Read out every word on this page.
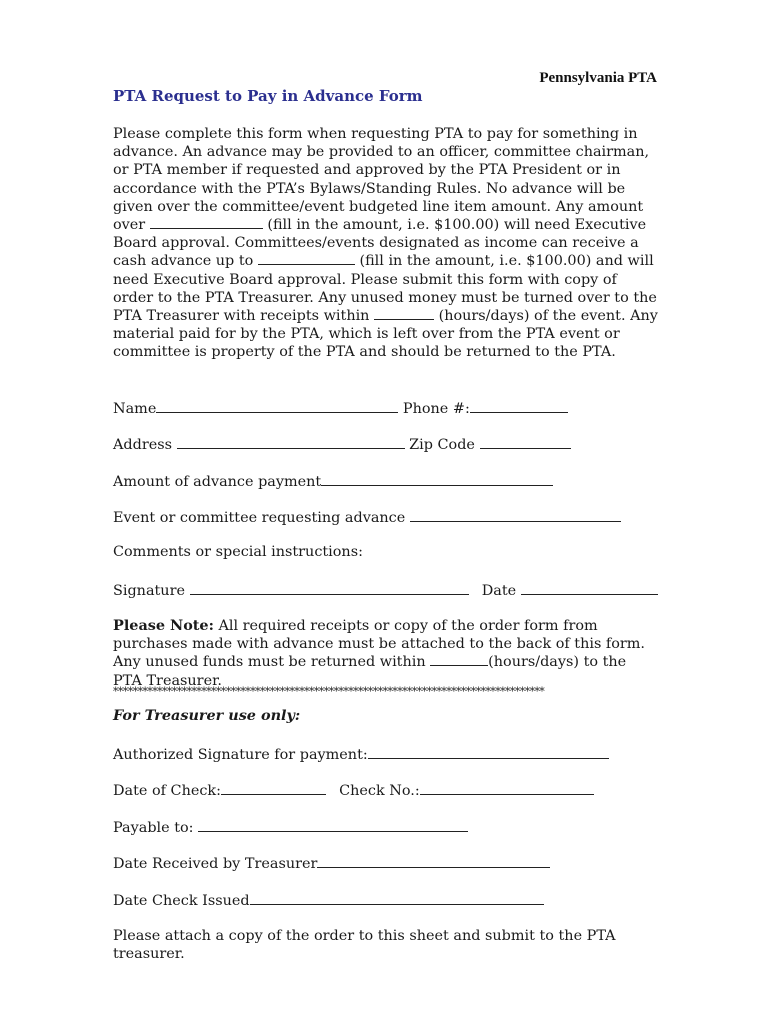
Pennsylvania PTA
PTA Request to Pay in Advance Form

Please complete this form when requesting PTA to pay for something in advance. An advance may be provided to an officer, committee chairman, or PTA member if requested and approved by the PTA President or in accordance with the PTA’s Bylaws/Standing Rules. No advance will be given over the committee/event budgeted line item amount. Any amount over	(fill in the amount, i.e. $100.00) will need Executive Board approval. Committees/events designated as income can receive a cash advance up to	(fill in the amount, i.e. $100.00) and will need Executive Board approval. Please submit this form with copy of order to the PTA Treasurer. Any unused money must be turned over to the PTA Treasurer with receipts within	(hours/days) of the event. Any material paid for by the PTA, which is left over from the PTA event or committee is property of the PTA and should be returned to the PTA.

Name	Phone #:
Address	Zip Code
Amount of advance payment
Event or committee requesting advance
Comments or special instructions:
Signature	Date

Please Note: All required receipts or copy of the order form from purchases made with advance must be attached to the back of this form. Any unused funds must be returned within	(hours/days) to the PTA Treasurer.

****************************************************************************************
For Treasurer use only:
Authorized Signature for payment:
Date of Check:	Check No.:
Payable to:
Date Received by Treasurer
Date Check Issued

Please attach a copy of the order to this sheet and submit to the PTA treasurer.
